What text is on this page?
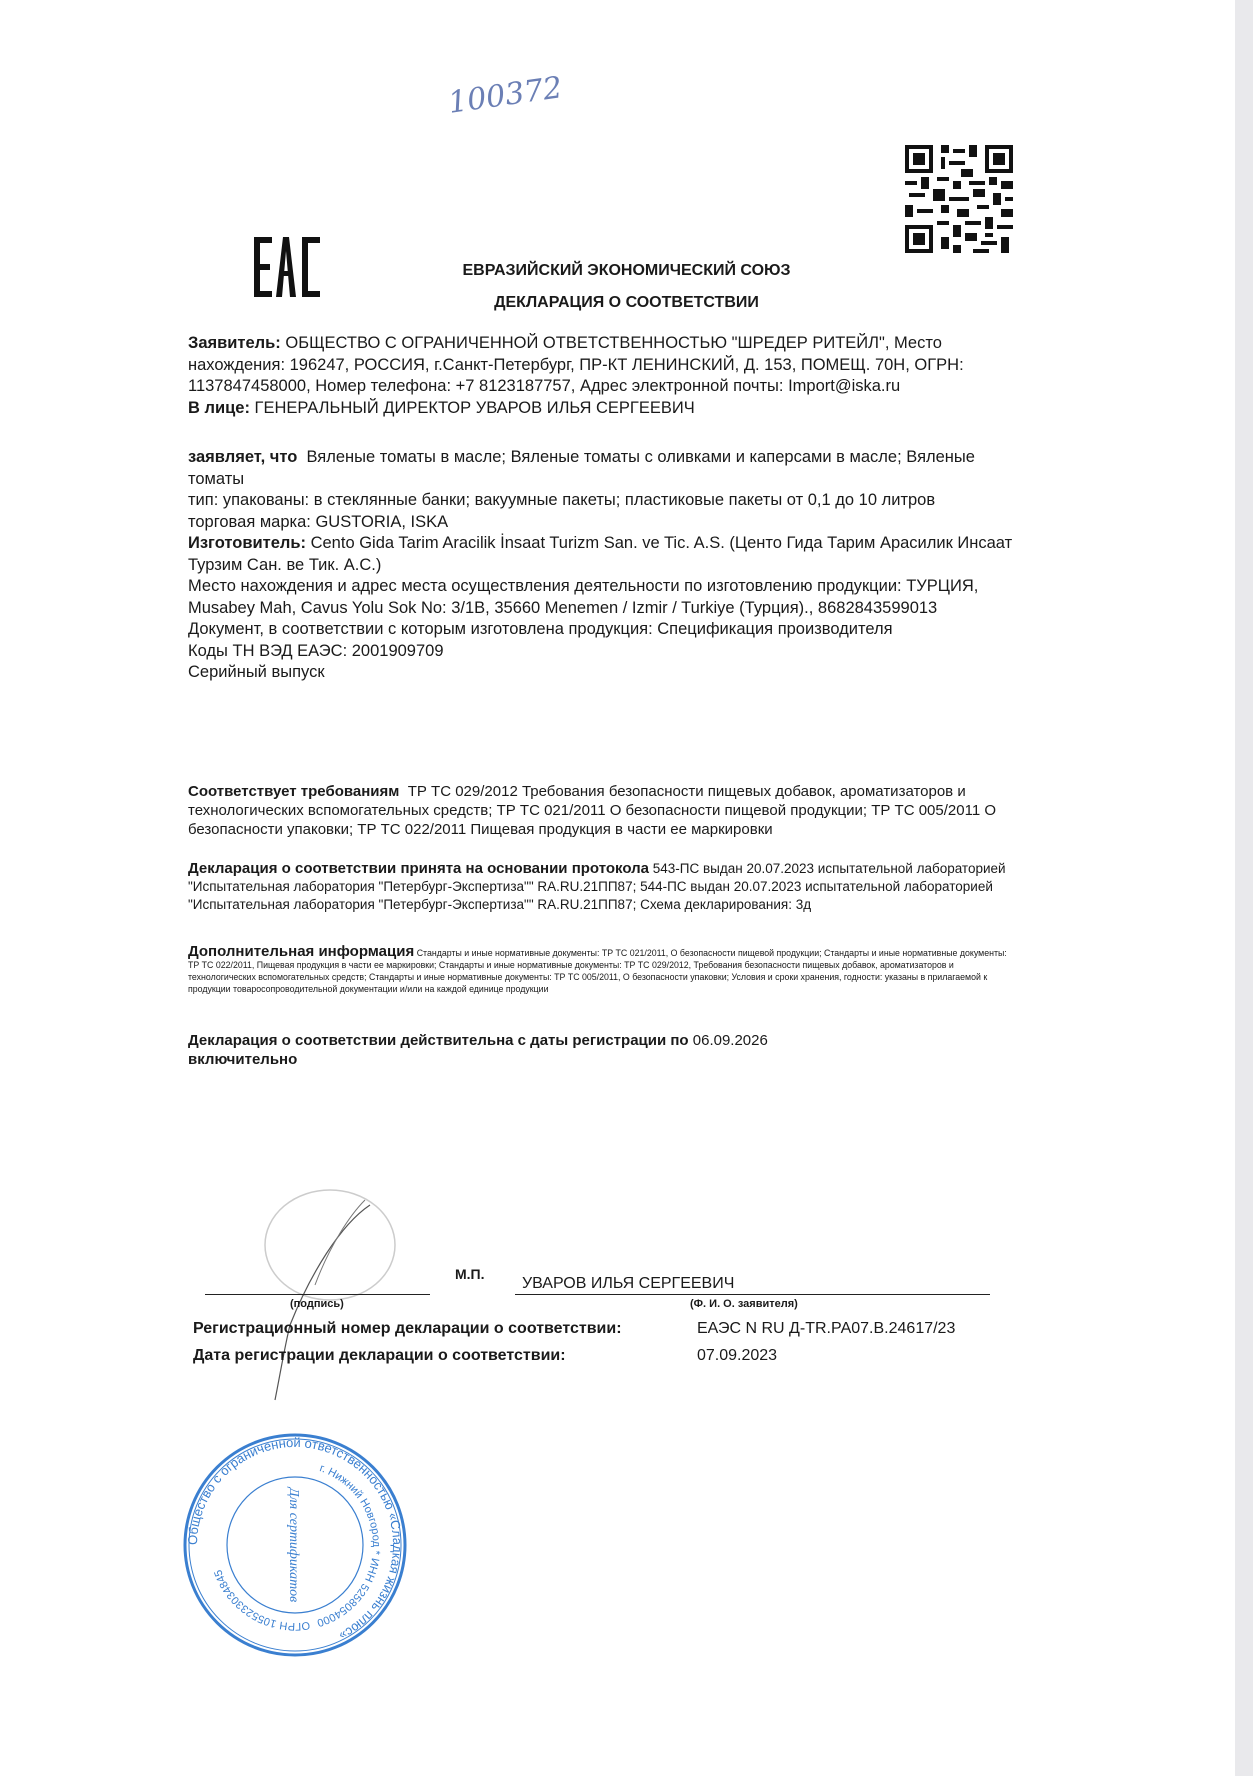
100372
ЕВРАЗИЙСКИЙ ЭКОНОМИЧЕСКИЙ СОЮЗ
ДЕКЛАРАЦИЯ О СООТВЕТСТВИИ

Заявитель: ОБЩЕСТВО С ОГРАНИЧЕННОЙ ОТВЕТСТВЕННОСТЬЮ "ШРЕДЕР РИТЕЙЛ", Место нахождения: 196247, РОССИЯ, г.Санкт-Петербург, ПР-КТ ЛЕНИНСКИЙ, Д. 153, ПОМЕЩ. 70Н, ОГРН: 1137847458000, Номер телефона: +7 8123187757, Адрес электронной почты: Import@iska.ru

В лице: ГЕНЕРАЛЬНЫЙ ДИРЕКТОР УВАРОВ ИЛЬЯ СЕРГЕЕВИЧ

заявляет, что Вяленые томаты в масле; Вяленые томаты с оливками и каперсами в масле; Вяленые томаты

тип: упакованы: в стеклянные банки; вакуумные пакеты; пластиковые пакеты от 0,1 до 10 литров

торговая марка: GUSTORIA, ISKA

Изготовитель: Cento Gida Tarim Aracilik İnsaat Turizm San. ve Tic. A.S. (Центо Гида Тарим Арасилик Инсаат Турзим Сан. ве Тик. А.С.)

Место нахождения и адрес места осуществления деятельности по изготовлению продукции: ТУРЦИЯ, Musabey Mah, Cavus Yolu Sok No: 3/1B, 35660 Menemen / Izmir / Turkiye (Турция)., 8682843599013

Документ, в соответствии с которым изготовлена продукция: Спецификация производителя

Коды ТН ВЭД ЕАЭС: 2001909709

Серийный выпуск

Соответствует требованиям ТР ТС 029/2012 Требования безопасности пищевых добавок, ароматизаторов и технологических вспомогательных средств; ТР ТС 021/2011 О безопасности пищевой продукции; ТР ТС 005/2011 О безопасности упаковки; ТР ТС 022/2011 Пищевая продукция в части ее маркировки

Декларация о соответствии принята на основании протокола 543-ПС выдан 20.07.2023 испытательной лабораторией "Испытательная лаборатория "Петербург-Экспертиза"" RA.RU.21ПП87; 544-ПС выдан 20.07.2023 испытательной лабораторией "Испытательная лаборатория "Петербург-Экспертиза"" RA.RU.21ПП87; Схема декларирования: 3д

Дополнительная информация Стандарты и иные нормативные документы: ТР ТС 021/2011, О безопасности пищевой продукции; Стандарты и иные нормативные документы: ТР ТС 022/2011, Пищевая продукция в части ее маркировки; Стандарты и иные нормативные документы: ТР ТС 029/2012, Требования безопасности пищевых добавок, ароматизаторов и технологических вспомогательных средств; Стандарты и иные нормативные документы: ТР ТС 005/2011, О безопасности упаковки; Условия и сроки хранения, годности: указаны в прилагаемой к продукции товаросопроводительной документации и/или на каждой единице продукции

Декларация о соответствии действительна с даты регистрации по 06.09.2026
включительно

М.П.
УВАРОВ ИЛЬЯ СЕРГЕЕВИЧ
(подпись)	(Ф. И. О. заявителя)
Регистрационный номер декларации о соответствии:	ЕАЭС N RU Д-TR.РА07.В.24617/23
Дата регистрации декларации о соответствии:	07.09.2023
Общество с ограниченной ответственностью «Сладкая жизнь плюс»
г. Нижний Новгород * ИНН 5258054000
ОГРН 1055233034845	Для сертификатов
